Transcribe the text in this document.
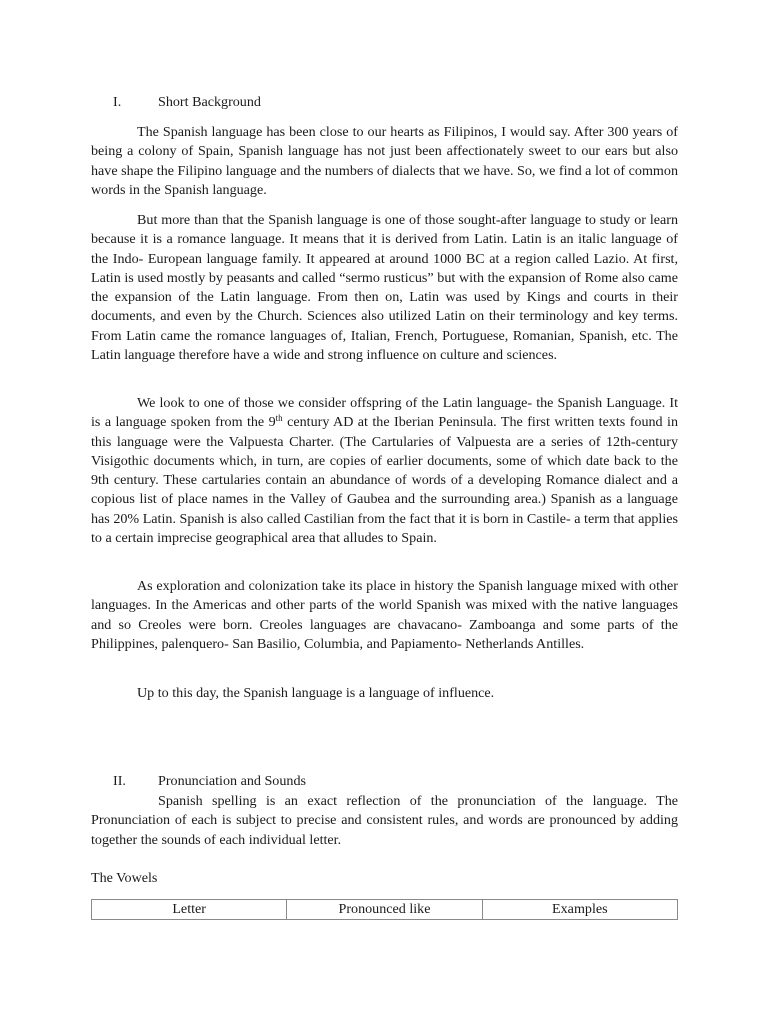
I.	Short Background

The Spanish language has been close to our hearts as Filipinos, I would say. After 300 years of being a colony of Spain, Spanish language has not just been affectionately sweet to our ears but also have shape the Filipino language and the numbers of dialects that we have. So, we find a lot of common words in the Spanish language.

But more than that the Spanish language is one of those sought-after language to study or learn because it is a romance language. It means that it is derived from Latin. Latin is an italic language of the Indo- European language family. It appeared at around 1000 BC at a region called Lazio. At first, Latin is used mostly by peasants and called “sermo rusticus” but with the expansion of Rome also came the expansion of the Latin language. From then on, Latin was used by Kings and courts in their documents, and even by the Church. Sciences also utilized Latin on their terminology and key terms. From Latin came the romance languages of, Italian, French, Portuguese, Romanian, Spanish, etc. The Latin language therefore have a wide and strong influence on culture and sciences.

We look to one of those we consider offspring of the Latin language- the Spanish Language. It is a language spoken from the 9th century AD at the Iberian Peninsula. The first written texts found in this language were the Valpuesta Charter. (The Cartularies of Valpuesta are a series of 12th-century Visigothic documents which, in turn, are copies of earlier documents, some of which date back to the 9th century. These cartularies contain an abundance of words of a developing Romance dialect and a copious list of place names in the Valley of Gaubea and the surrounding area.) Spanish as a language has 20% Latin. Spanish is also called Castilian from the fact that it is born in Castile- a term that applies to a certain imprecise geographical area that alludes to Spain.

As exploration and colonization take its place in history the Spanish language mixed with other languages. In the Americas and other parts of the world Spanish was mixed with the native languages and so Creoles were born. Creoles languages are chavacano- Zamboanga and some parts of the Philippines, palenquero- San Basilio, Columbia, and Papiamento- Netherlands Antilles.

Up to this day, the Spanish language is a language of influence.

II. Pronunciation and Sounds

Spanish spelling is an exact reflection of the pronunciation of the language. The Pronunciation of each is subject to precise and consistent rules, and words are pronounced by adding together the sounds of each individual letter.

The Vowels

Letter	Pronounced like	Examples
